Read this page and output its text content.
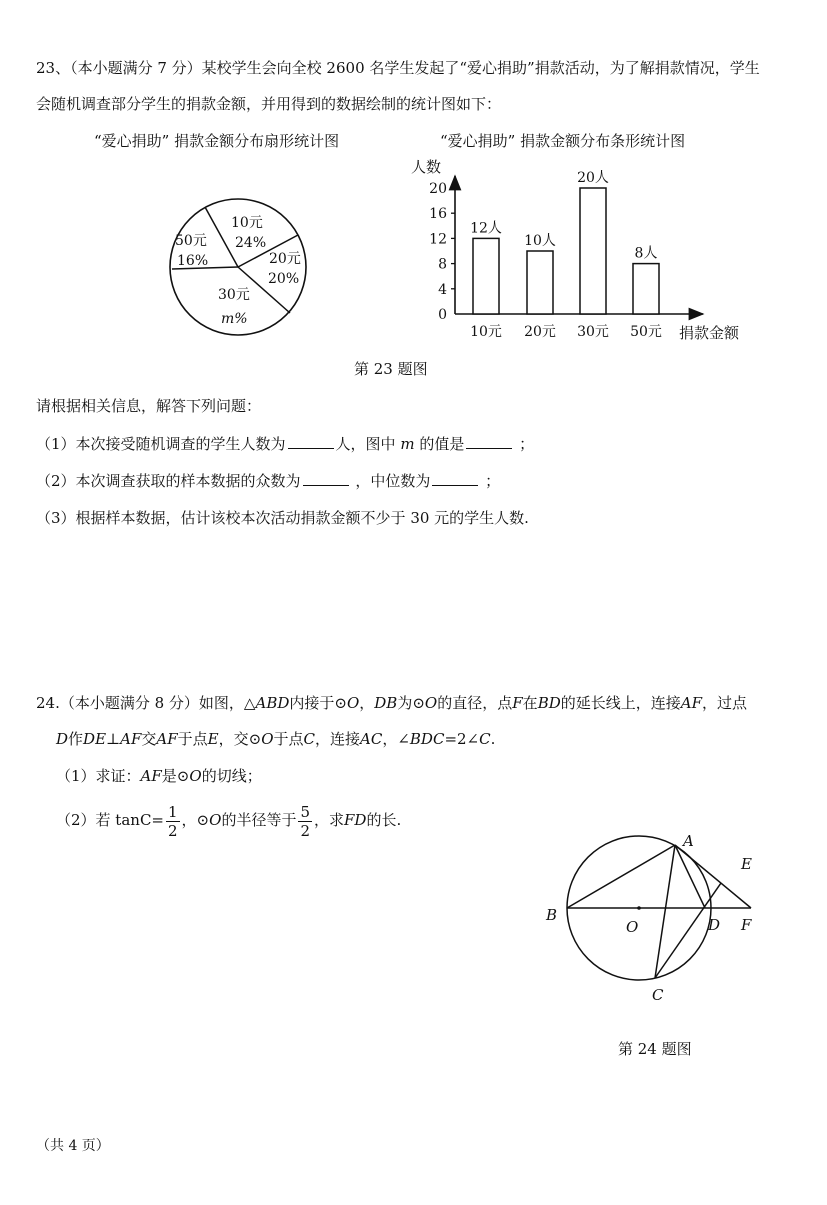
23、（本小题满分 7 分）某校学生会向全校 2600 名学生发起了“爱心捐助”捐款活动，为了解捐款情况，学生
会随机调查部分学生的捐款金额，并用得到的数据绘制的统计图如下：
“爱心捐助” 捐款金额分布扇形统计图	“爱心捐助” 捐款金额分布条形统计图
10元
24%
20元
20%
30元
m%
50元
16%
人数
捐款金额
0
4
8
12
16
20
12人
10元
10人
20元
20人
30元
8人
50元
第 23 题图
请根据相关信息，解答下列问题：
（1）本次接受随机调查的学生人数为	人，图中 m 的值是	；
（2）本次调查获取的样本数据的众数为	，中位数为	；
（3）根据样本数据，估计该校本次活动捐款金额不少于 30 元的学生人数.
24.（本小题满分 8 分）如图，△ABD内接于⊙O，DB为⊙O的直径，点F在BD的延长线上，连接AF，过点
D作DE⊥AF交AF于点E，交⊙O于点C，连接AC，∠BDC=2∠C.
（1）求证：AF是⊙O的切线；
（2）若 $\tan C= \frac{1}{2}$ ，⊙O的半径等于 $\frac{5}{2}$ ，求FD的长.
A
E
B
O	D F
C
第 24 题图
（共 4 页）
